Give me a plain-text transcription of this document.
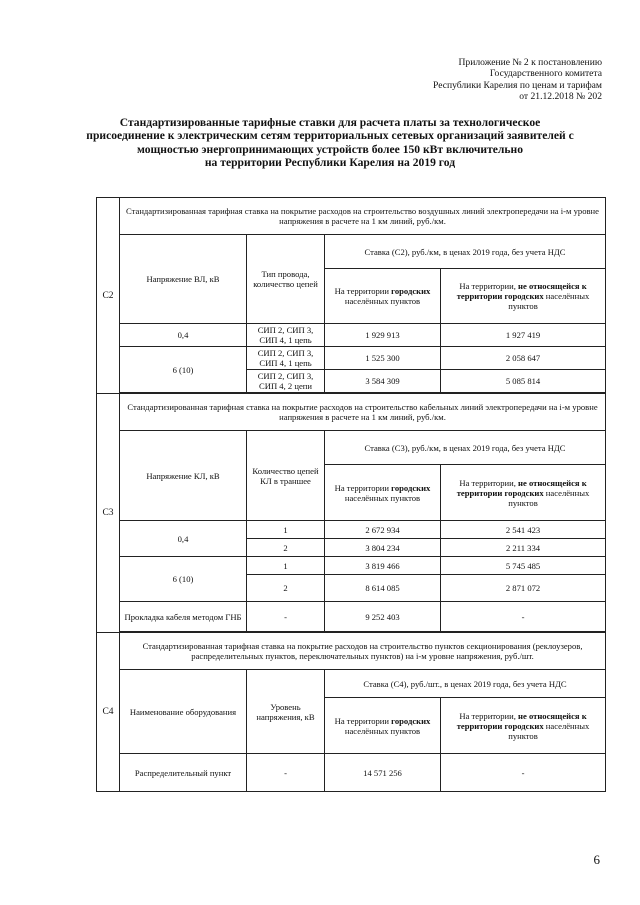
Приложение № 2 к постановлению
Государственного комитета
Республики Карелия по ценам и тарифам
от 21.12.2018 № 202
Стандартизированные тарифные ставки для расчета платы за технологическое
присоединение к электрическим сетям территориальных сетевых организаций заявителей с
мощностью энергопринимающих устройств более 150 кВт включительно
на территории Республики Карелия на 2019 год
С2	Стандартизированная тарифная ставка на покрытие расходов на строительство воздушных линий электропередачи на i-м уровне напряжения в расчете на 1 км линий, руб./км.			
	Напряжение ВЛ, кВ	Тип провода, количество цепей	Ставка (С2), руб./км, в ценах 2019 года, без учета НДС	
			На территории городских населённых пунктов	На территории, не относящейся к территории городских населённых пунктов
	0,4	СИП 2, СИП 3, СИП 4, 1 цепь	1 929 913	1 927 419
	6 (10)	СИП 2, СИП 3, СИП 4, 1 цепь	1 525 300	2 058 647
		СИП 2, СИП 3, СИП 4, 2 цепи	3 584 309	5 085 814

С3	Стандартизированная тарифная ставка на покрытие расходов на строительство кабельных линий электропередачи на i-м уровне напряжения в расчете на 1 км линий, руб./км.			
	Напряжение КЛ, кВ	Количество цепей КЛ в траншее	Ставка (С3), руб./км, в ценах 2019 года, без учета НДС	
			На территории городских населённых пунктов	На территории, не относящейся к территории городских населённых пунктов
	0,4	1	2 672 934	2 541 423
		2	3 804 234	2 211 334
	6 (10)	1	3 819 466	5 745 485
		2	8 614 085	2 871 072
	Прокладка кабеля методом ГНБ	-	9 252 403	-

С4	Стандартизированная тарифная ставка на покрытие расходов на строительство пунктов секционирования (реклоузеров, распределительных пунктов, переключательных пунктов) на i-м уровне напряжения, руб./шт.			
	Наименование оборудования	Уровень напряжения, кВ	Ставка (С4), руб./шт., в ценах 2019 года, без учета НДС	
			На территории городских населённых пунктов	На территории, не относящейся к территории городских населённых пунктов
	Распределительный пункт	-	14 571 256	-
6
